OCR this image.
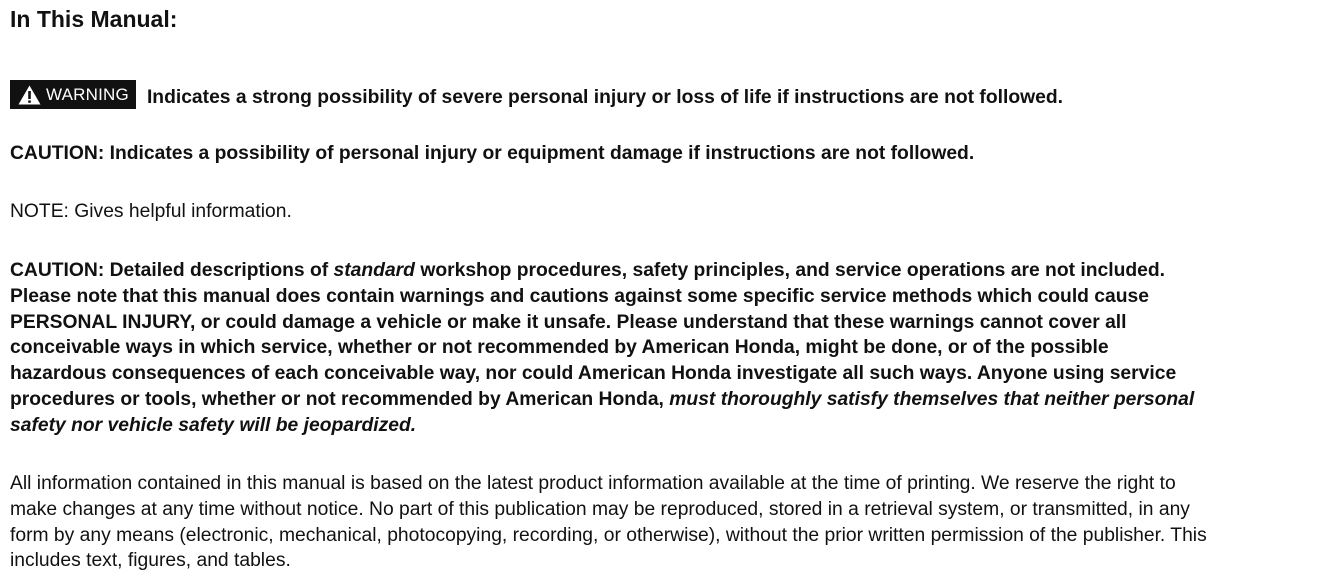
In This Manual:
WARNING Indicates a strong possibility of severe personal injury or loss of life if instructions are not followed.

CAUTION: Indicates a possibility of personal injury or equipment damage if instructions are not followed.

NOTE: Gives helpful information.

CAUTION: Detailed descriptions of standard workshop procedures, safety principles, and service operations are not included.
Please note that this manual does contain warnings and cautions against some specific service methods which could cause
PERSONAL INJURY, or could damage a vehicle or make it unsafe. Please understand that these warnings cannot cover all
conceivable ways in which service, whether or not recommended by American Honda, might be done, or of the possible
hazardous consequences of each conceivable way, nor could American Honda investigate all such ways. Anyone using service
procedures or tools, whether or not recommended by American Honda, must thoroughly satisfy themselves that neither personal
safety nor vehicle safety will be jeopardized.

All information contained in this manual is based on the latest product information available at the time of printing. We reserve the right to
make changes at any time without notice. No part of this publication may be reproduced, stored in a retrieval system, or transmitted, in any
form by any means (electronic, mechanical, photocopying, recording, or otherwise), without the prior written permission of the publisher. This
includes text, figures, and tables.
